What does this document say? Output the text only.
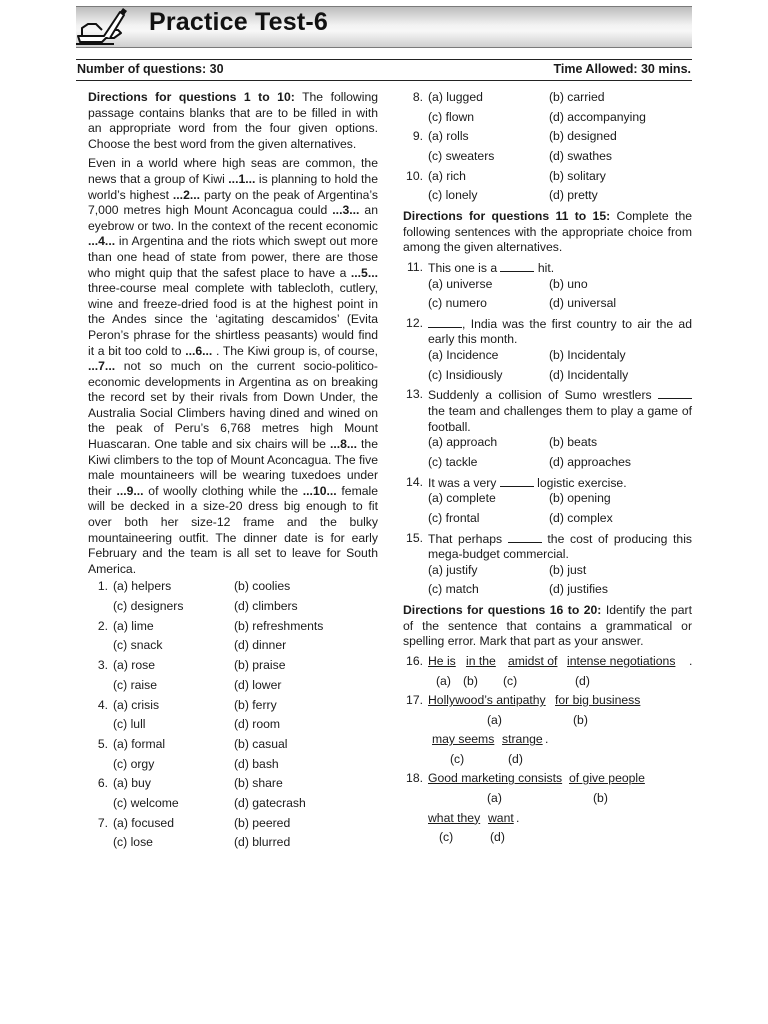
Practice Test-6
Number of questions: 30	Time Allowed: 30 mins.

Directions for questions 1 to 10: The following passage contains blanks that are to be filled in with an appropriate word from the four given options. Choose the best word from the given alternatives.

Even in a world where high seas are common, the news that a group of Kiwi ...1... is planning to hold the world’s highest ...2... party on the peak of Argentina’s 7,000 metres high Mount Aconcagua could ...3... an eyebrow or two. In the context of the recent economic ...4... in Argentina and the riots which swept out more than one head of state from power, there are those who might quip that the safest place to have a ...5... three-course meal complete with tablecloth, cutlery, wine and freeze-dried food is at the highest point in the Andes since the ‘agitating descamidos’ (Evita Peron’s phrase for the shirtless peasants) would find it a bit too cold to ...6... . The Kiwi group is, of course, ...7... not so much on the current socio-politico-economic developments in Argentina as on breaking the record set by their rivals from Down Under, the Australia Social Climbers having dined and wined on the peak of Peru’s 6,768 metres high Mount Huascaran. One table and six chairs will be ...8... the Kiwi climbers to the top of Mount Aconcagua. The five male mountaineers will be wearing tuxedoes under their ...9... of woolly clothing while the ...10... female will be decked in a size-20 dress big enough to fit over both her size-12 frame and the bulky mountaineering outfit. The dinner date is for early February and the team is all set to leave for South America.

1. (a) helpers	(b) coolies
(c) designers	(d) climbers
2. (a) lime	(b) refreshments
(c) snack	(d) dinner
3. (a) rose	(b) praise
(c) raise	(d) lower
4. (a) crisis	(b) ferry
(c) lull	(d) room
5. (a) formal	(b) casual
(c) orgy	(d) bash
6. (a) buy	(b) share
(c) welcome	(d) gatecrash
7. (a) focused	(b) peered
(c) lose	(d) blurred
8. (a) lugged	(b) carried
(c) flown	(d) accompanying
9. (a) rolls	(b) designed
(c) sweaters	(d) swathes
10. (a) rich	(b) solitary
(c) lonely	(d) pretty

Directions for questions 11 to 15: Complete the following sentences with the appropriate choice from among the given alternatives.

11. This one is a	hit.
(a) universe	(b) uno
(c) numero	(d) universal
12.	, India was the first country to air the ad early this month.
(a) Incidence	(b) Incidentaly
(c) Insidiously	(d) Incidentally
13. Suddenly a collision of Sumo wrestlers  the team and challenges them to play a game of football.
(a) approach	(b) beats
(c) tackle	(d) approaches
14. It was a very	logistic exercise.
(a) complete	(b) opening
(c) frontal	(d) complex
15. That perhaps	the cost of producing this mega-budget commercial.
(a) justify	(b) just
(c) match	(d) justifies

Directions for questions 16 to 20: Identify the part of the sentence that contains a grammatical or spelling error. Mark that part as your answer.

16. He is in the amidst of intense negotiations .
(a) (b) (c)	(d)
17. Hollywood’s antipathy for big business
(a)	(b)
may seems strange .
(c)	(d)
18. Good marketing consists of give people
(a)	(b)
what they want .
(c)	(d)
